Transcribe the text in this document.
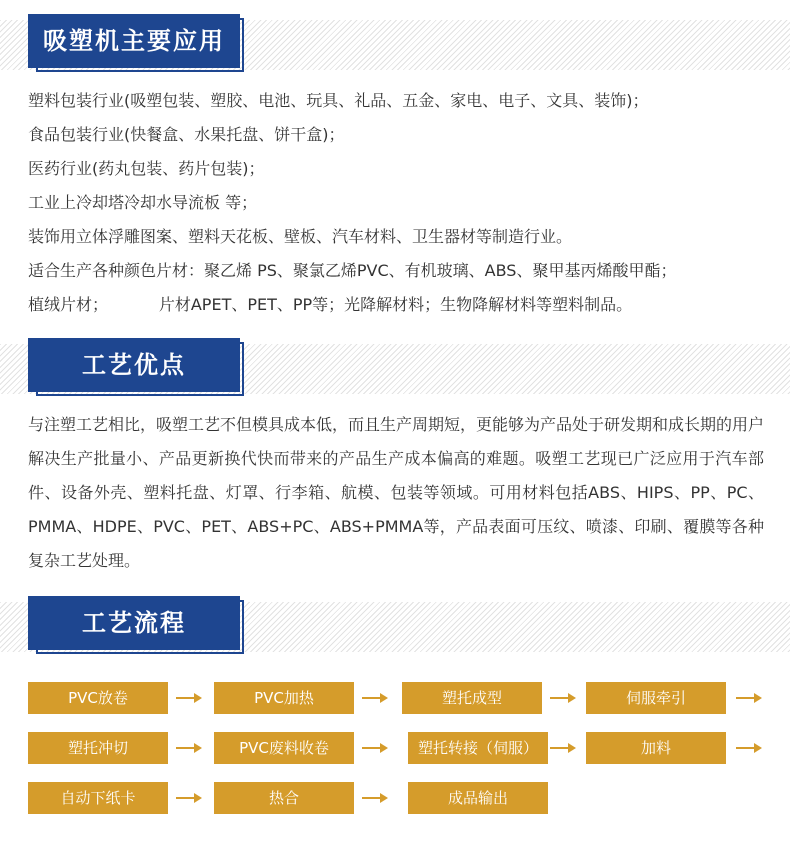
吸塑机主要应用

塑料包装行业(吸塑包装、塑胶、电池、玩具、礼品、五金、家电、电子、文具、装饰)；

食品包装行业(快餐盒、水果托盘、饼干盒)；

医药行业(药丸包装、药片包装)；

工业上冷却塔冷却水导流板 等；

装饰用立体浮雕图案、塑料天花板、壁板、汽车材料、卫生器材等制造行业。

适合生产各种颜色片材：聚乙烯 PS、聚氯乙烯PVC、有机玻璃、ABS、聚甲基丙烯酸甲酯；

植绒片材；          片材APET、PET、PP等；光降解材料；生物降解材料等塑料制品。

工艺优点
与注塑工艺相比，吸塑工艺不但模具成本低，而且生产周期短，更能够为产品处于研发期和成长期的用户解决生产批量小、产品更新换代快而带来的产品生产成本偏高的难题。吸塑工艺现已广泛应用于汽车部件、设备外壳、塑料托盘、灯罩、行李箱、航模、包装等领域。可用材料包括ABS、HIPS、PP、PC、PMMA、HDPE、PVC、PET、ABS+PC、ABS+PMMA等，产品表面可压纹、喷漆、印刷、覆膜等各种复杂工艺处理。
工艺流程
PVC放卷	PVC加热	塑托成型	伺服牵引
塑托冲切	PVC废料收卷	塑托转接（伺服）	加料
自动下纸卡	热合	成品输出
